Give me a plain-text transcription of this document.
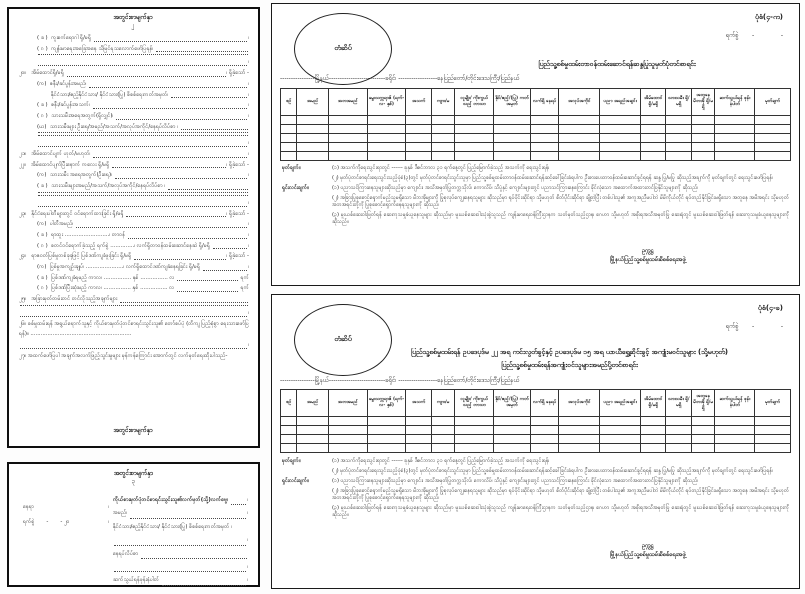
အတွင်းစာမျက်နှာ
၂
( ခ )  ကူးစက်ရောဂါ ရှိ/မရှိ	၊
( ဂ )  ကျန်းမာရေးအခြေအနေ သိမြင်ရသလောက်ဖော်ပြရန်၊
၊
၂၀။   အိမ်ထောင်ရှိ/မရှိ	၊ ရှိခဲ့သော် -
(က)  ဇနီး/ခင်ပွန်းအမည်၊	၊
နိုင်ငံသား/ဧည့်နိုင်ငံသား/ နိုင်ငံသား(ပြု) စိစစ်ရေးကတ်အမှတ်၊	၊
( ခ )  ဇနီး/ခင်ပွန်းအသက်၊	၊
( ဂ )  သားသမီးအရေအတွက်(ရှိလျှင်)၊	၊
(ဃ)  သားသမီးများ ဦးရေ/အမည်/အသက်/အလုပ်အကိုင်/နေရပ်လိပ်စာ ၊
၊
၂၁။   အိမ်ထောင်ပျက် ဟုတ်/မဟုတ်၊	၊
၂၂။   အိမ်ထောင်ပျက်ပြီးနောက် ကလေး ရှိ/မရှိ	၊ ရှိခဲ့သော် -
(က)  သားသမီး အရေအတွက်(ဦးရေ)၊	၊
( ခ )  သားသမီးများအမည်/အသက်/အလုပ်အကိုင်/နေရပ်လိပ်စာ ၊
၊
၂၃။   နိုင်ငံရေးပါတီများတွင် ဝင်ရောက်ထားခြင်း ရှိ/မရှိ	၊ ရှိခဲ့သော် -
(က)  ပါတီအမည်၊	၊
( ခ )  ရာထူး ..........................၊ တာဝန်	၊
( ဂ )  စတင်ဝင်ရောက်ခဲ့သည့် ရက်စွဲ ..............၊ လက်ရှိတာဝန်ထမ်းဆောင်နေဆဲ ရှိ/မရှိ	၊
၂၄။   ရာဇဝတ်ပြစ်မှုတစ်ခုခုဖြင့် ပြစ်ဒဏ်ကျခံဖူးခြင်း ရှိ/မရှိ	၊ ရှိခဲ့သော် -
(က)  ပြစ်မှုအကျဉ်းချုပ်၊ ......................၊ လက်ရှိထောင်ဒဏ်ကျခံနေရခြင်း ရှိ/မရှိ	၊
( ခ )  ပြစ်ဒဏ်ကျခံရမည့် ကာလ၊ ................ နှစ် ................ လ	ရက်
( ဂ )  ပြစ်ဒဏ်ပြီးဆုံးမည့် ကာလ၊ ................ နှစ် ................ လ	ရက်
၂၅။   အခြားမှတ်တမ်းတင် တင်လိုသည့်အချက်များ
၊
၂၆။ စစ်မှုထမ်းရန် အရွယ်ရောက်သူနှင့် ကိုယ်စားမှတ်ပုံတင်စာရင်းသွင်းသူ၏ တော်စပ်ပုံ (တိကျ ပြည့်စုံစွာ ရေးသားဖော်ပြရန်)။ ...........................................................
၊
၂၇။ အထက်ဖော်ပြပါ အချက်အလက်ဖြည့်သွင်းမှုများ မှန်ကန်ကြောင်း အောက်တွင် လက်မှတ်ရေးထိုးပါသည်-
အတွင်းစာမျက်နှာ
အတွင်းစာမျက်နှာ
၃
နေရာ	၊
ရက်စွဲ       -       - ၂၀	၊
ကိုယ်စားမှတ်ပုံတင်စာရင်းသွင်းသူ၏လက်မှတ်(သို့)လက်ဗွေ၊	၊
အမည်၊	၊
နိုင်ငံသား/ဧည့်နိုင်ငံသား/ နိုင်ငံသား(ပြု) စိစစ်ရေးကတ်အမှတ် ၊
၊
နေရပ်လိပ်စာ
၊
ဆက်သွယ်ရန်ဖုန်းနံပါတ်	၊
တံဆိပ်
ပုံစံ(၄-က)
ရက်စွဲ       -              -
ပြည်သူ့စစ်မှုထမ်းတာဝန်ထမ်းဆောင်ရန်ဆန္ဒပြုသူမှတ်ပုံတင်စာရင်း
----------------မြို့နယ်--------------------------ခရိုင်၊ ------------------နေပြည်တော်/တိုင်းဒေသကြီး/ပြည်နယ်
စဉ်	အမည်	အဘအမည်	မွေးသက္ကရာဇ် (ရက်-လ- နှစ်)	အသက်	ကျား/မ	လူမျိုး/ ကိုးကွယ်သည့် ဘာသာ	နိုင်/ဧည့်/(ပြု) ကတ်အမှတ်	လက်ရှိ နေရပ်	အလုပ်အကိုင်	ပညာ အရည်အချင်း	အိမ်ထောင် ရှိ/မရှိ	သားသမီး ရှိ/မရှိ	အတူနေ မိဘအို ရှိ/မရှိ	ဆက်သွယ်ရန် ဖုန်းနံပါတ်	မှတ်ချက်

မှတ်ချက်။	(၁) အသက်ကိုရေးသွင်းရာတွင် ------ ခုနှစ် ဒီဇင်ဘာလ ၃၁ ရက်နေ့တွင် ပြည့်မြောက်ခဲ့သည့် အသက်ကို ရေးသွင်းရန်၊
(၂) မှတ်ပုံတင်စာရင်းရေးသွင်းသည့်ပုံစံ(၃)တွင် မှတ်ပုံတင်စာရင်းသွင်းသူမှာ ပြည်သူ့စစ်မှုထမ်းတာဝန်ထမ်းဆောင်ရန်ဆင့်ခေါ်ခြင်းခံရပါက ဦးစားပေးတာဝန်ထမ်းဆောင်ခွင့်ရရန် ဆန္ဒ ပြု/မပြု ဆိုသည့်အချက်ကို မှတ်ချက်တွင် ရေးသွင်းဖော်ပြရန်၊
ရှင်းလင်းချက်။	(၁) ပညာသင်ကြားနေသူများဆိုသည်မှာ ကျောင်း၊ အသိအမှတ်ပြုတက္ကသိုလ်၊ ကောလိပ်၊ သိပ္ပံနှင့် ကျောင်းများတွင် ပညာသင်ကြားနေကြောင်း ခိုင်လုံသော အထောက်အထားတင်ပြနိုင်သူများကို ဆိုသည်၊
(၂) အခြားပြုစုစောင့်ရှောက်မည့်သူမရှိသော မိဘအိုများကို ပြုစုလုပ်ကျွေးနေရသူများ ဆိုသည်မှာ ရုပ်ပိုင်းဆိုင်ရာ သို့မဟုတ် စိတ်ပိုင်းဆိုင်ရာ ချို့တဲ့ပြီး တစ်ပါးသူ၏ အကူအညီမပါဘဲ မိမိကိုယ်တိုင် ရပ်တည်နိုင်ခြင်းမရှိသော အတူနေ အမိအရင်း သို့မဟုတ် အဘအရင်းတို့ကို ပြုစုစောင့်ရှောက်နေရသူများကို ဆိုသည်၊
(၃) မူးယစ်ဆေးဝါးဖြတ်ရန် ဆေးကုသမှုခံယူနေသူများ ဆိုသည်မှာ မူးယစ်ဆေးဝါးသုံးစွဲသူသည် ကျန်းမာရေးဝန်ကြီးဌာနက သတ်မှတ်သည့်ဌာန၊ ဂေဟာ သို့မဟုတ် အစိုးရအသိအမှတ်ပြု ဆေးရုံတွင် မူးယစ်ဆေးဝါးဖြတ်ရန် ဆေးကုသမှုခံယူနေသူများကို ဆိုသည်။
ဥက္ကဋ္ဌ
မြို့နယ်ပြည်သူ့စစ်မှုထမ်းစိစစ်ရေးအဖွဲ့
တံဆိပ်
ပုံစံ(၄-ခ)
ရက်စွဲ       -              -
ပြည်သူ့စစ်မှုထမ်းရန် ဥပဒေပုဒ်မ ၂၂ အရ ကင်းလွတ်ခွင့်နှင့် ဥပဒေပုဒ်မ ၁၅ အရ ယာယီရွှေ့ဆိုင်းခွင့် အကျုံးမဝင်သူများ (သို့မဟုတ်)
ပြည်သူ့စစ်မှုထမ်းရန်အကျုံးဝင်သူများအမည်ပို့တင်စာရင်း
----------------မြို့နယ်--------------------------ခရိုင်၊ ------------------နေပြည်တော်/တိုင်းဒေသကြီး/ပြည်နယ်
စဉ်	အမည်	အဘအမည်	မွေးသက္ကရာဇ် (ရက်-လ- နှစ်)	အသက်	ကျား/မ	လူမျိုး/ ကိုးကွယ်သည့် ဘာသာ	နိုင်/ဧည့်/(ပြု) ကတ်အမှတ်	လက်ရှိ နေရပ်	အလုပ်အကိုင်	ပညာ အရည်အချင်း	အိမ်ထောင် ရှိ/မရှိ	သားသမီး ရှိ/မရှိ	အတူနေ မိဘအို ရှိ/မရှိ	ဆက်သွယ်ရန် ဖုန်းနံပါတ်	မှတ်ချက်

မှတ်ချက်။	(၁) အသက်ကိုရေးသွင်းရာတွင် ------ ခုနှစ် ဒီဇင်ဘာလ ၃၁ ရက်နေ့တွင် ပြည့်မြောက်ခဲ့သည့် အသက်ကို ရေးသွင်းရန်၊
(၂) မှတ်ပုံတင်စာရင်းရေးသွင်းသည့်ပုံစံ(၃)တွင် မှတ်ပုံတင်စာရင်းသွင်းသူမှာ ပြည်သူ့စစ်မှုထမ်းတာဝန်ထမ်းဆောင်ရန်ဆင့်ခေါ်ခြင်းခံရပါက ဦးစားပေးတာဝန်ထမ်းဆောင်ခွင့်ရရန် ဆန္ဒ ပြု/မပြု ဆိုသည့်အချက်ကို မှတ်ချက်တွင် ရေးသွင်းဖော်ပြရန်၊
ရှင်းလင်းချက်။	(၁) ပညာသင်ကြားနေသူများဆိုသည်မှာ ကျောင်း၊ အသိအမှတ်ပြုတက္ကသိုလ်၊ ကောလိပ်၊ သိပ္ပံနှင့် ကျောင်းများတွင် ပညာသင်ကြားနေကြောင်း ခိုင်လုံသော အထောက်အထားတင်ပြနိုင်သူများကို ဆိုသည်၊
(၂) အခြားပြုစုစောင့်ရှောက်မည့်သူမရှိသော မိဘအိုများကို ပြုစုလုပ်ကျွေးနေရသူများ ဆိုသည်မှာ ရုပ်ပိုင်းဆိုင်ရာ သို့မဟုတ် စိတ်ပိုင်းဆိုင်ရာ ချို့တဲ့ပြီး တစ်ပါးသူ၏ အကူအညီမပါဘဲ မိမိကိုယ်တိုင် ရပ်တည်နိုင်ခြင်းမရှိသော အတူနေ အမိအရင်း သို့မဟုတ် အဘအရင်းတို့ကို ပြုစုစောင့်ရှောက်နေရသူများကို ဆိုသည်၊
(၃) မူးယစ်ဆေးဝါးဖြတ်ရန် ဆေးကုသမှုခံယူနေသူများ ဆိုသည်မှာ မူးယစ်ဆေးဝါးသုံးစွဲသူသည် ကျန်းမာရေးဝန်ကြီးဌာနက သတ်မှတ်သည့်ဌာန၊ ဂေဟာ သို့မဟုတ် အစိုးရအသိအမှတ်ပြု ဆေးရုံတွင် မူးယစ်ဆေးဝါးဖြတ်ရန် ဆေးကုသမှုခံယူနေသူများကို ဆိုသည်။
ဥက္ကဋ္ဌ
မြို့နယ်ပြည်သူ့စစ်မှုထမ်းစိစစ်ရေးအဖွဲ့
